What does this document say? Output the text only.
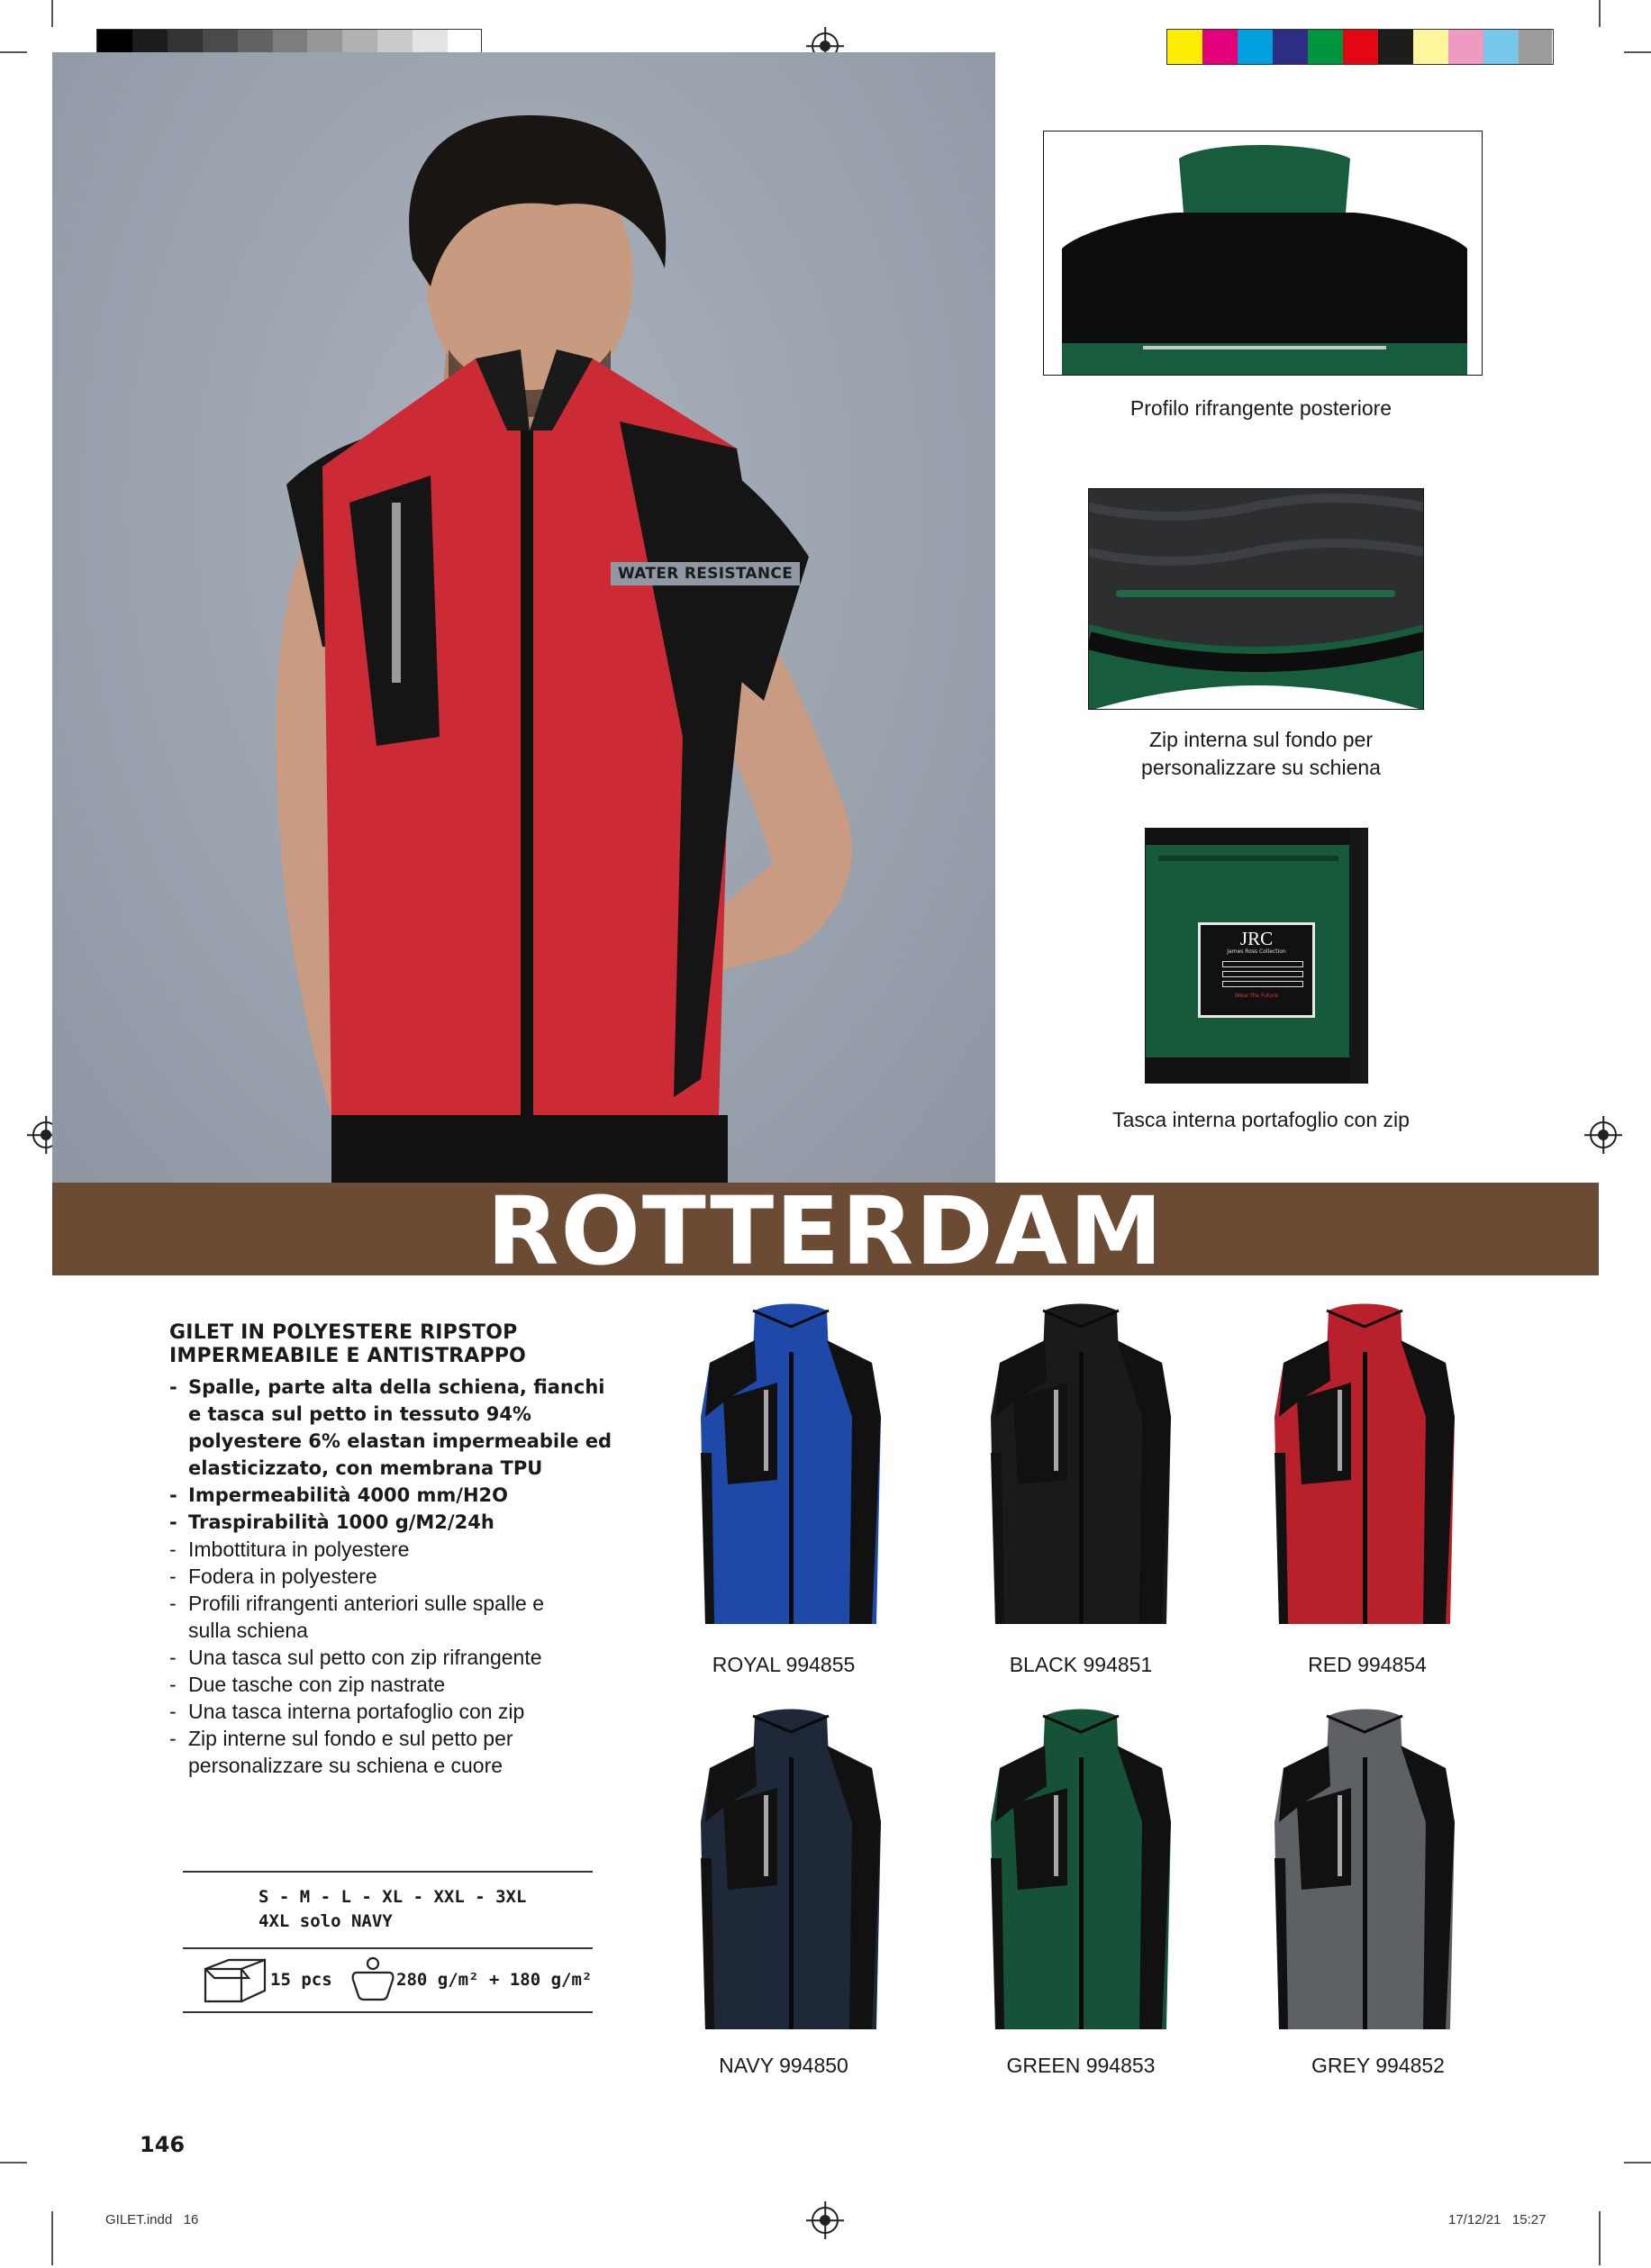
WATER RESISTANCE
Profilo rifrangente posteriore
Zip interna sul fondo per personalizzare su schiena
JRC
James Ross Collection
Wear the Future
Tasca interna portafoglio con zip
ROTTERDAM
GILET IN POLYESTERE RIPSTOP
IMPERMEABILE E ANTISTRAPPO
- Spalle, parte alta della schiena, fianchi e tasca sul petto in tessuto 94% polyestere 6% elastan impermeabile ed elasticizzato, con membrana TPU
- Impermeabilità 4000 mm/H2O
- Traspirabilità 1000 g/M2/24h
- Imbottitura in polyestere
- Fodera in polyestere
- Profili rifrangenti anteriori sulle spalle e sulla schiena
- Una tasca sul petto con zip rifrangente
- Due tasche con zip nastrate
- Una tasca interna portafoglio con zip
- Zip interne sul fondo e sul petto per personalizzare su schiena e cuore
S - M - L - XL - XXL - 3XL
4XL solo NAVY
15 pcs	280 g/m² + 180 g/m²
ROYAL 994855	BLACK 994851	RED 994854
NAVY 994850	GREEN 994853	GREY 994852
146
GILET.indd   16	17/12/21   15:27
